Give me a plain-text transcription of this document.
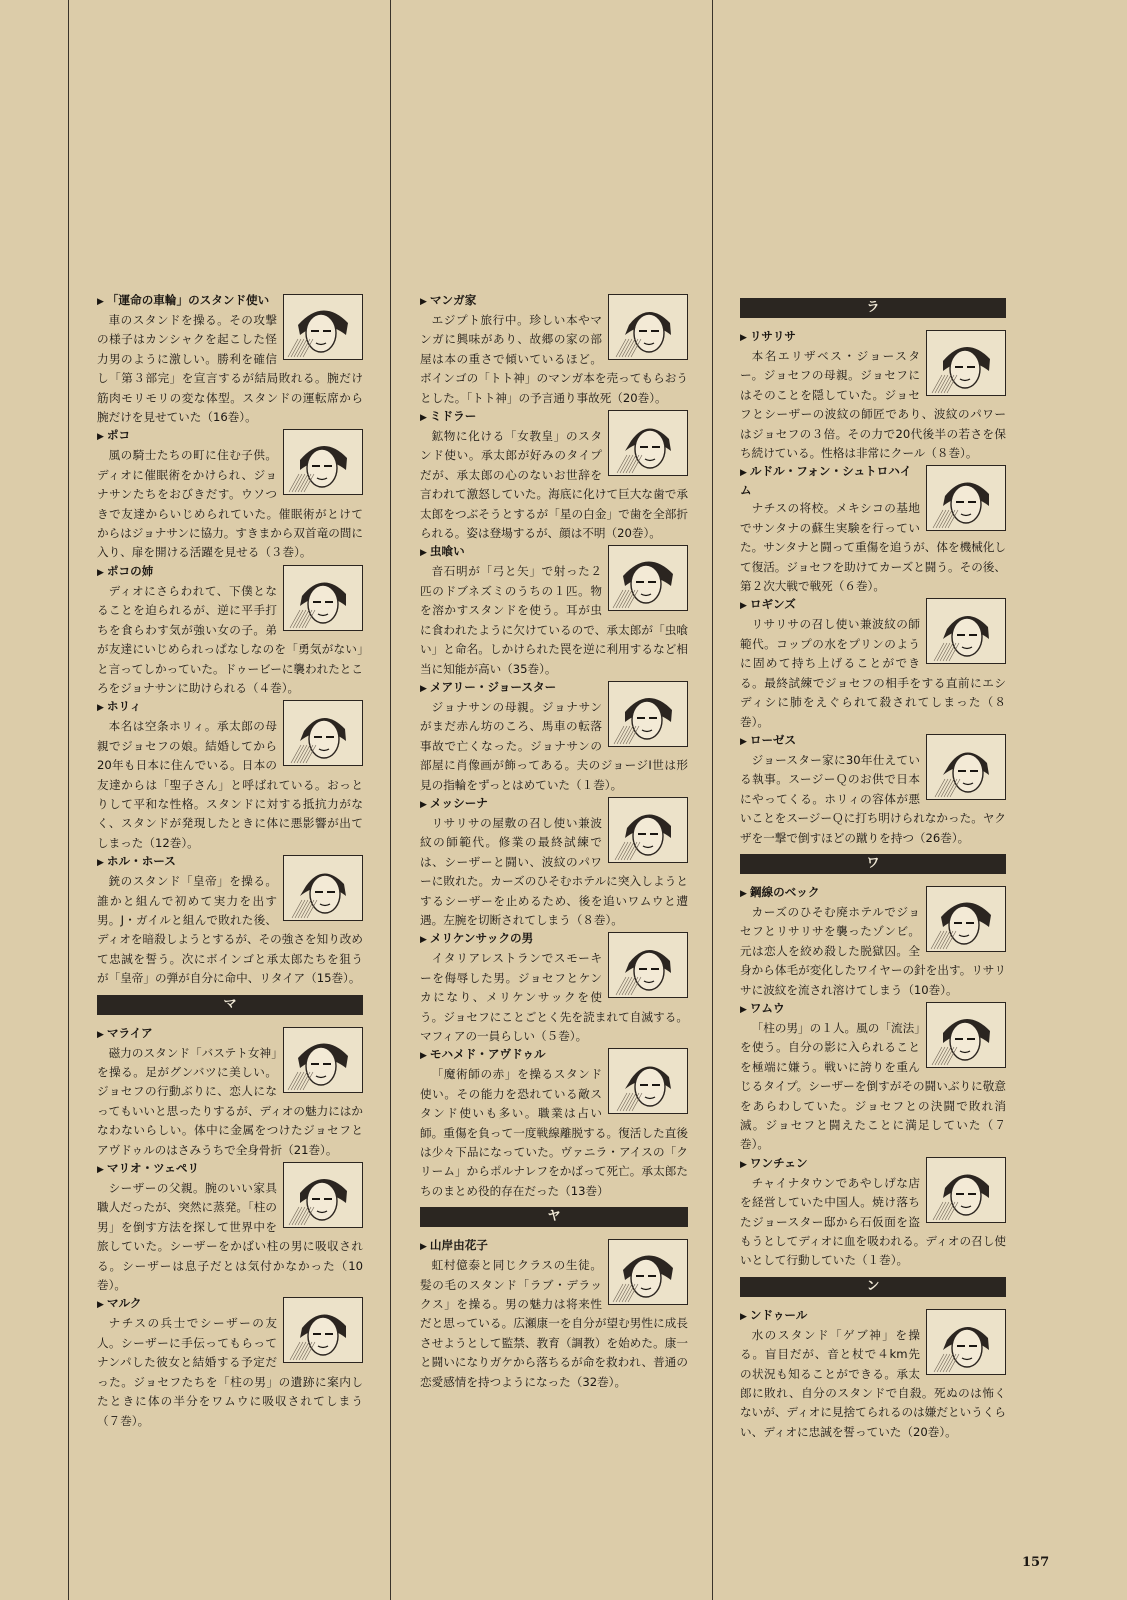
▶ 「運命の車輪」のスタンド使い
車のスタンドを操る。その攻撃の様子はカンシャクを起こした怪力男のように激しい。勝利を確信し「第３部完」を宣言するが結局敗れる。腕だけ筋肉モリモリの変な体型。スタンドの運転席から腕だけを見せていた（16巻）。
▶ ポコ
風の騎士たちの町に住む子供。ディオに催眠術をかけられ、ジョナサンたちをおびきだす。ウソつきで友達からいじめられていた。催眠術がとけてからはジョナサンに協力。すきまから双首竜の間に入り、扉を開ける活躍を見せる（３巻）。
▶ ポコの姉
ディオにさらわれて、下僕となることを迫られるが、逆に平手打ちを食らわす気が強い女の子。弟が友達にいじめられっぱなしなのを「勇気がない」と言ってしかっていた。ドゥービーに襲われたところをジョナサンに助けられる（４巻）。
▶ ホリィ
本名は空条ホリィ。承太郎の母親でジョセフの娘。結婚してから20年も日本に住んでいる。日本の友達からは「聖子さん」と呼ばれている。おっとりして平和な性格。スタンドに対する抵抗力がなく、スタンドが発現したときに体に悪影響が出てしまった（12巻）。
▶ ホル・ホース
銃のスタンド「皇帝」を操る。誰かと組んで初めて実力を出す男。J・ガイルと組んで敗れた後、ディオを暗殺しようとするが、その強さを知り改めて忠誠を誓う。次にボインゴと承太郎たちを狙うが「皇帝」の弾が自分に命中、リタイア（15巻）。
マ
▶ マライア
磁力のスタンド「バステト女神」を操る。足がグンバツに美しい。ジョセフの行動ぶりに、恋人になってもいいと思ったりするが、ディオの魅力にはかなわないらしい。体中に金属をつけたジョセフとアヴドゥルのはさみうちで全身骨折（21巻）。
▶ マリオ・ツェペリ
シーザーの父親。腕のいい家具職人だったが、突然に蒸発。「柱の男」を倒す方法を探して世界中を旅していた。シーザーをかばい柱の男に吸収される。シーザーは息子だとは気付かなかった（10巻）。
▶ マルク
ナチスの兵士でシーザーの友人。シーザーに手伝ってもらってナンパした彼女と結婚する予定だった。ジョセフたちを「柱の男」の遺跡に案内したときに体の半分をワムウに吸収されてしまう（７巻）。
▶ マンガ家
エジプト旅行中。珍しい本やマンガに興味があり、故郷の家の部屋は本の重さで傾いているほど。ボインゴの「トト神」のマンガ本を売ってもらおうとした。「トト神」の予言通り事故死（20巻）。
▶ ミドラー
鉱物に化ける「女教皇」のスタンド使い。承太郎が好みのタイプだが、承太郎の心のないお世辞を言われて激怒していた。海底に化けて巨大な歯で承太郎をつぶそうとするが「星の白金」で歯を全部折られる。姿は登場するが、顔は不明（20巻）。
▶ 虫喰い
音石明が「弓と矢」で射った２匹のドブネズミのうちの１匹。物を溶かすスタンドを使う。耳が虫に食われたように欠けているので、承太郎が「虫喰い」と命名。しかけられた罠を逆に利用するなど相当に知能が高い（35巻）。
▶ メアリー・ジョースター
ジョナサンの母親。ジョナサンがまだ赤ん坊のころ、馬車の転落事故で亡くなった。ジョナサンの部屋に肖像画が飾ってある。夫のジョージⅠ世は形見の指輪をずっとはめていた（１巻）。
▶ メッシーナ
リサリサの屋敷の召し使い兼波紋の師範代。修業の最終試練では、シーザーと闘い、波紋のパワーに敗れた。カーズのひそむホテルに突入しようとするシーザーを止めるため、後を追いワムウと遭遇。左腕を切断されてしまう（８巻）。
▶ メリケンサックの男
イタリアレストランでスモーキーを侮辱した男。ジョセフとケンカになり、メリケンサックを使う。ジョセフにことごとく先を読まれて自滅する。マフィアの一員らしい（５巻）。
▶ モハメド・アヴドゥル
「魔術師の赤」を操るスタンド使い。その能力を恐れている敵スタンド使いも多い。職業は占い師。重傷を負って一度戦線離脱する。復活した直後は少々下品になっていた。ヴァニラ・アイスの「クリーム」からポルナレフをかばって死亡。承太郎たちのまとめ役的存在だった（13巻）
ヤ
▶ 山岸由花子
虹村億泰と同じクラスの生徒。髪の毛のスタンド「ラブ・デラックス」を操る。男の魅力は将来性だと思っている。広瀬康一を自分が望む男性に成長させようとして監禁、教育（調教）を始めた。康一と闘いになりガケから落ちるが命を救われ、普通の恋愛感情を持つようになった（32巻）。
ラ
▶ リサリサ
本名エリザベス・ジョースター。ジョセフの母親。ジョセフにはそのことを隠していた。ジョセフとシーザーの波紋の師匠であり、波紋のパワーはジョセフの３倍。その力で20代後半の若さを保ち続けている。性格は非常にクール（８巻）。
▶ ルドル・フォン・シュトロハイム
ナチスの将校。メキシコの基地でサンタナの蘇生実験を行っていた。サンタナと闘って重傷を追うが、体を機械化して復活。ジョセフを助けてカーズと闘う。その後、第２次大戦で戦死（６巻）。
▶ ロギンズ
リサリサの召し使い兼波紋の師範代。コップの水をプリンのように固めて持ち上げることができる。最終試練でジョセフの相手をする直前にエシディシに肺をえぐられて殺されてしまった（８巻）。
▶ ローゼス
ジョースター家に30年仕えている執事。スージーＱのお供で日本にやってくる。ホリィの容体が悪いことをスージーＱに打ち明けられなかった。ヤクザを一撃で倒すほどの蹴りを持つ（26巻）。
ワ
▶ 鋼線のベック
カーズのひそむ廃ホテルでジョセフとリサリサを襲ったゾンビ。元は恋人を絞め殺した脱獄囚。全身から体毛が変化したワイヤーの針を出す。リサリサに波紋を流され溶けてしまう（10巻）。
▶ ワムウ
「柱の男」の１人。風の「流法」を使う。自分の影に入られることを極端に嫌う。戦いに誇りを重んじるタイプ。シーザーを倒すがその闘いぶりに敬意をあらわしていた。ジョセフとの決闘で敗れ消滅。ジョセフと闘えたことに満足していた（７巻）。
▶ ワンチェン
チャイナタウンであやしげな店を経営していた中国人。焼け落ちたジョースター邸から石仮面を盗もうとしてディオに血を吸われる。ディオの召し使いとして行動していた（１巻）。
ン
▶ ンドゥール
水のスタンド「ゲブ神」を操る。盲目だが、音と杖で４km先の状況も知ることができる。承太郎に敗れ、自分のスタンドで自殺。死ぬのは怖くないが、ディオに見捨てられるのは嫌だというくらい、ディオに忠誠を誓っていた（20巻）。
157
